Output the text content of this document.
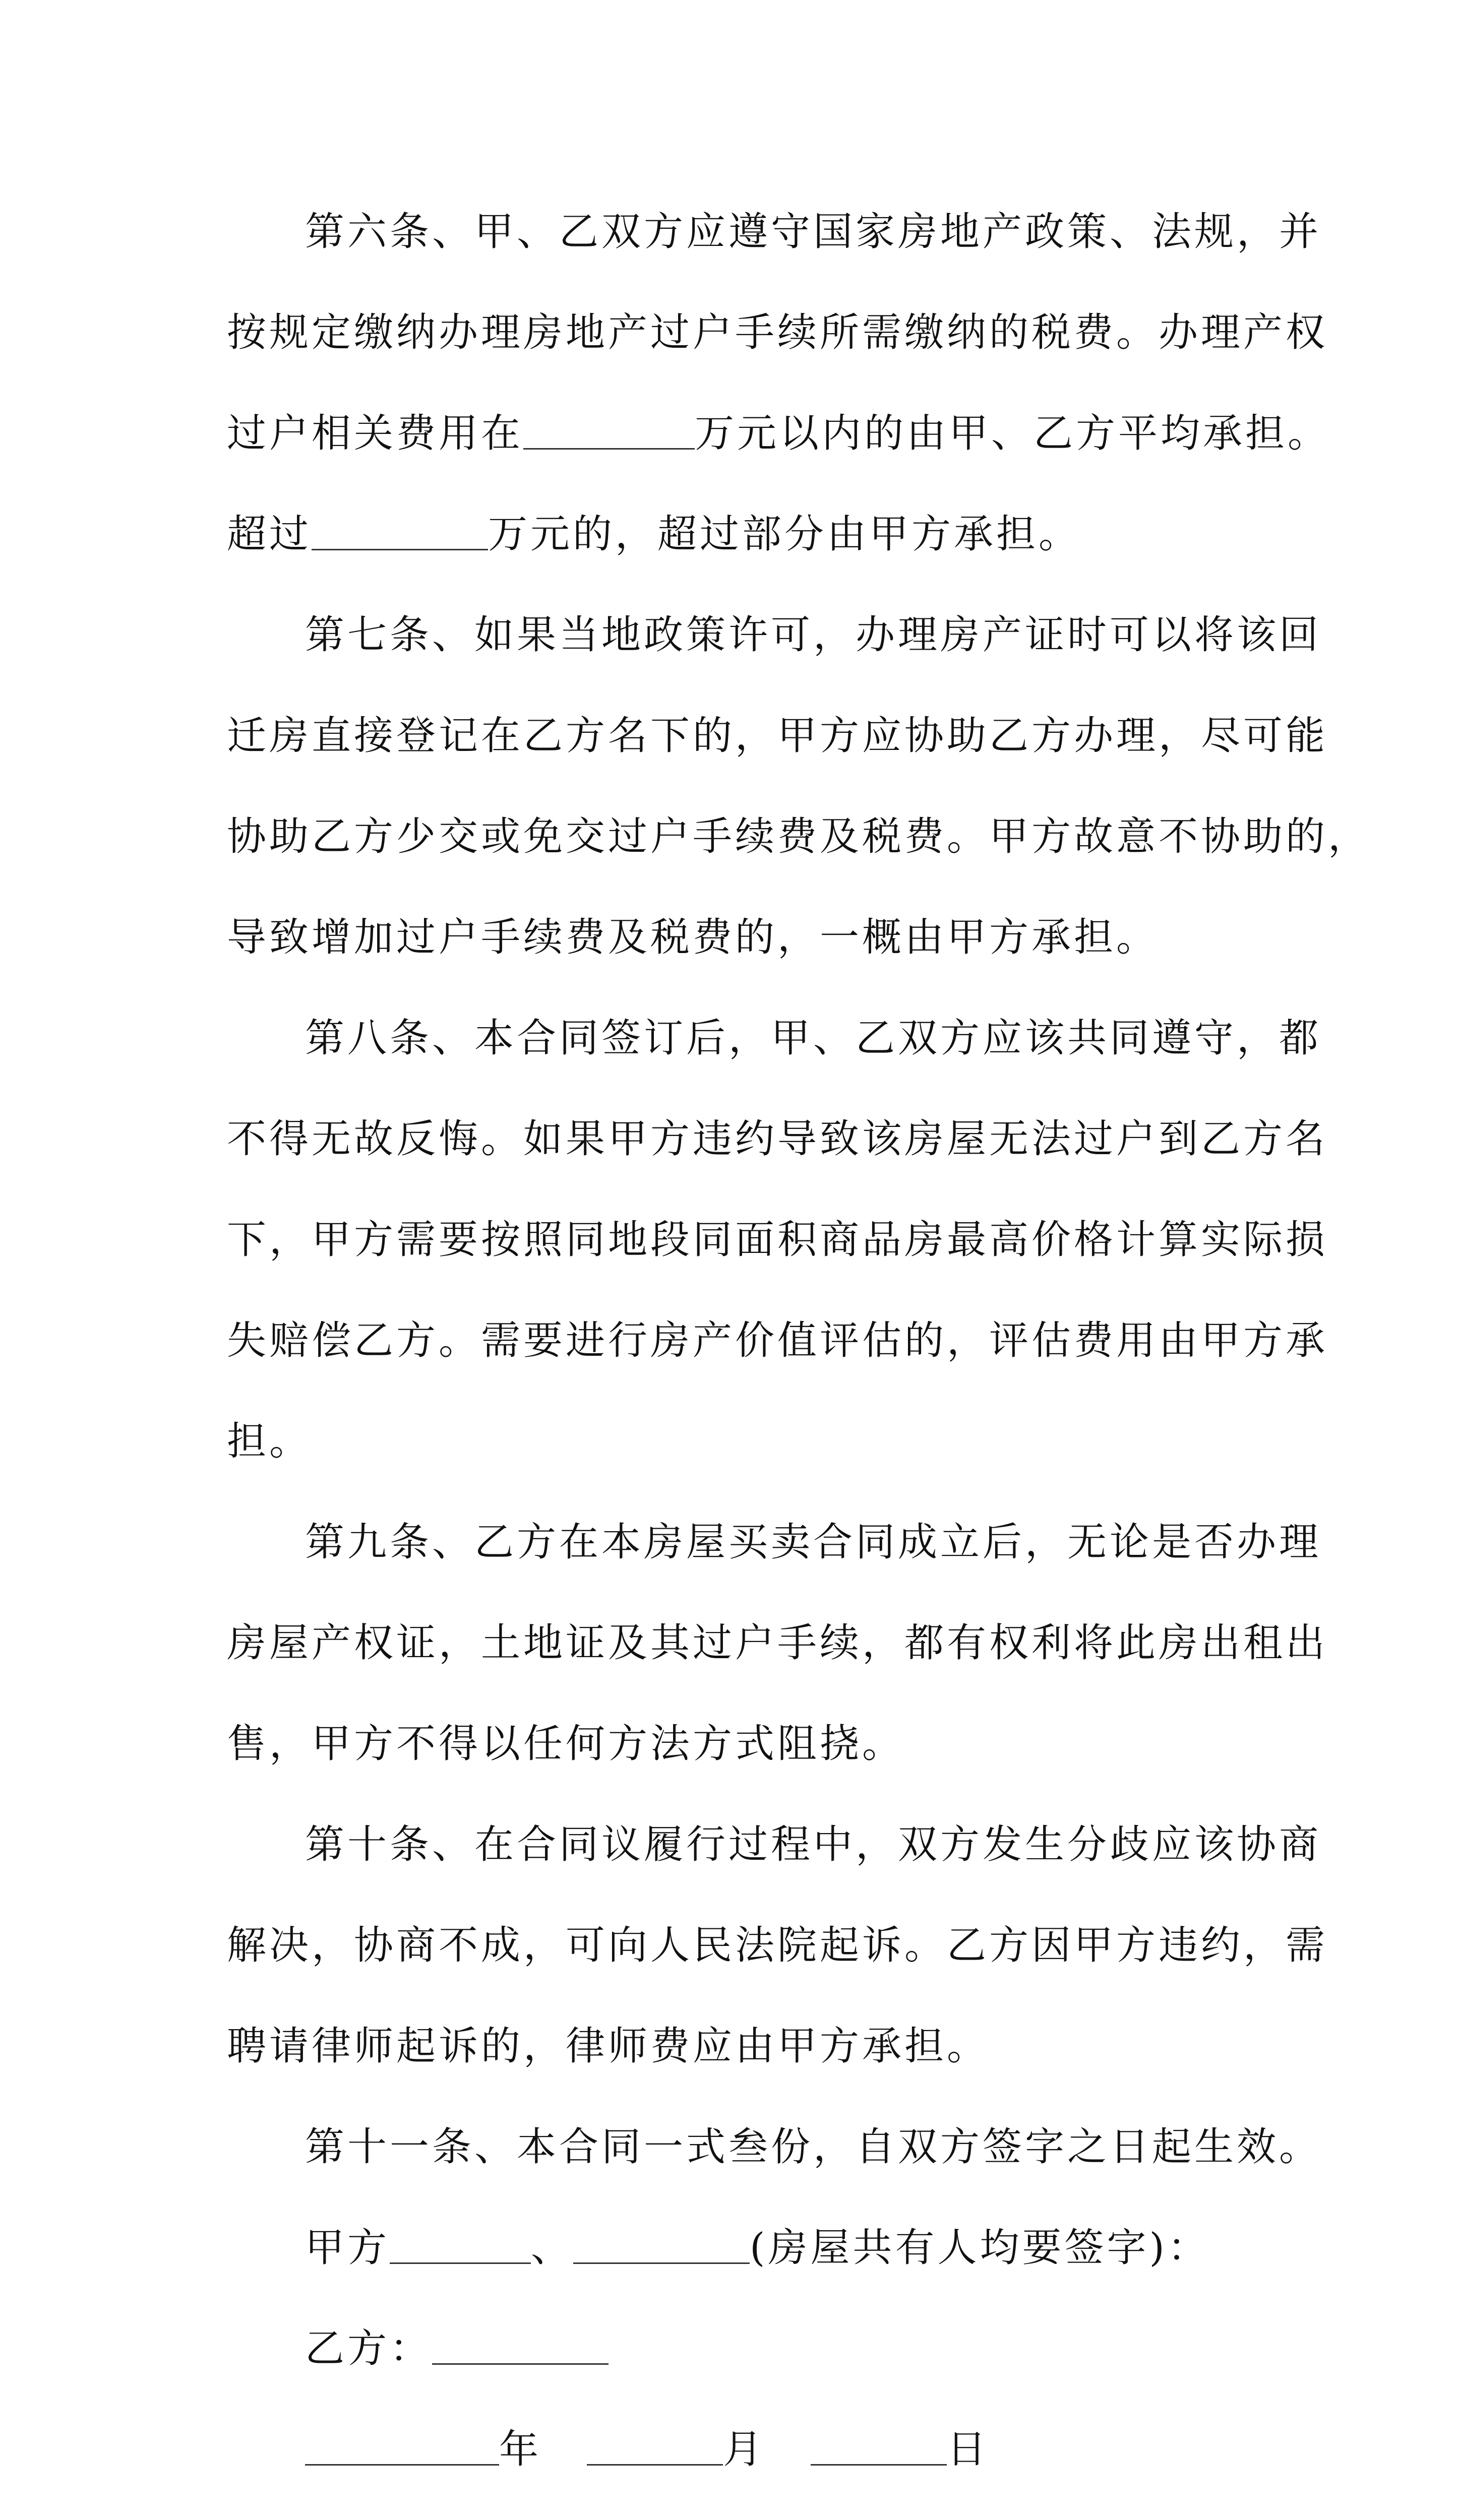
第六条、甲、乙双方应遵守国家房地产政策、法规，并
按规定缴纳办理房地产过户手续所需缴纳的税费。办理产权
过户相关费用在	万元以内的由甲、乙方平均承担。
超过	万元的，超过部分由甲方承担。
第七条、如果当地政策许可，办理房产证时可以将该回
迁房直接登记在乙方名下的，甲方应协助乙方办理，尽可能
协助乙方少交或免交过户手续费及税费。甲方故意不协助的，
导致增加过户手续费及税费的，一概由甲方承担。
第八条、本合同签订后，甲、乙双方应该共同遵守，都
不得无故反悔。如果甲方违约导致该房屋无法过户到乙方名
下，甲方需要按照同地段同面积商品房最高价格计算实际损
失赔偿乙方。需要进行房产价值评估的，评估费用由甲方承
担。
第九条、乙方在本房屋买卖合同成立后，无论是否办理
房屋产权证，土地证及其过户手续，都有权利将此房出租出
售，甲方不得以任何方法方式阻挠。
第十条、在合同议履行过程中，双方发生分歧应该协商
解决，协商不成，可向人民法院起诉。乙方因甲方违约，需
聘请律师起诉的，律师费应由甲方承担。
第十一条、本合同一式叁份，自双方签字之日起生效。
甲方	、	(房屋共有人均要签字)：
乙方：
年	月	日
